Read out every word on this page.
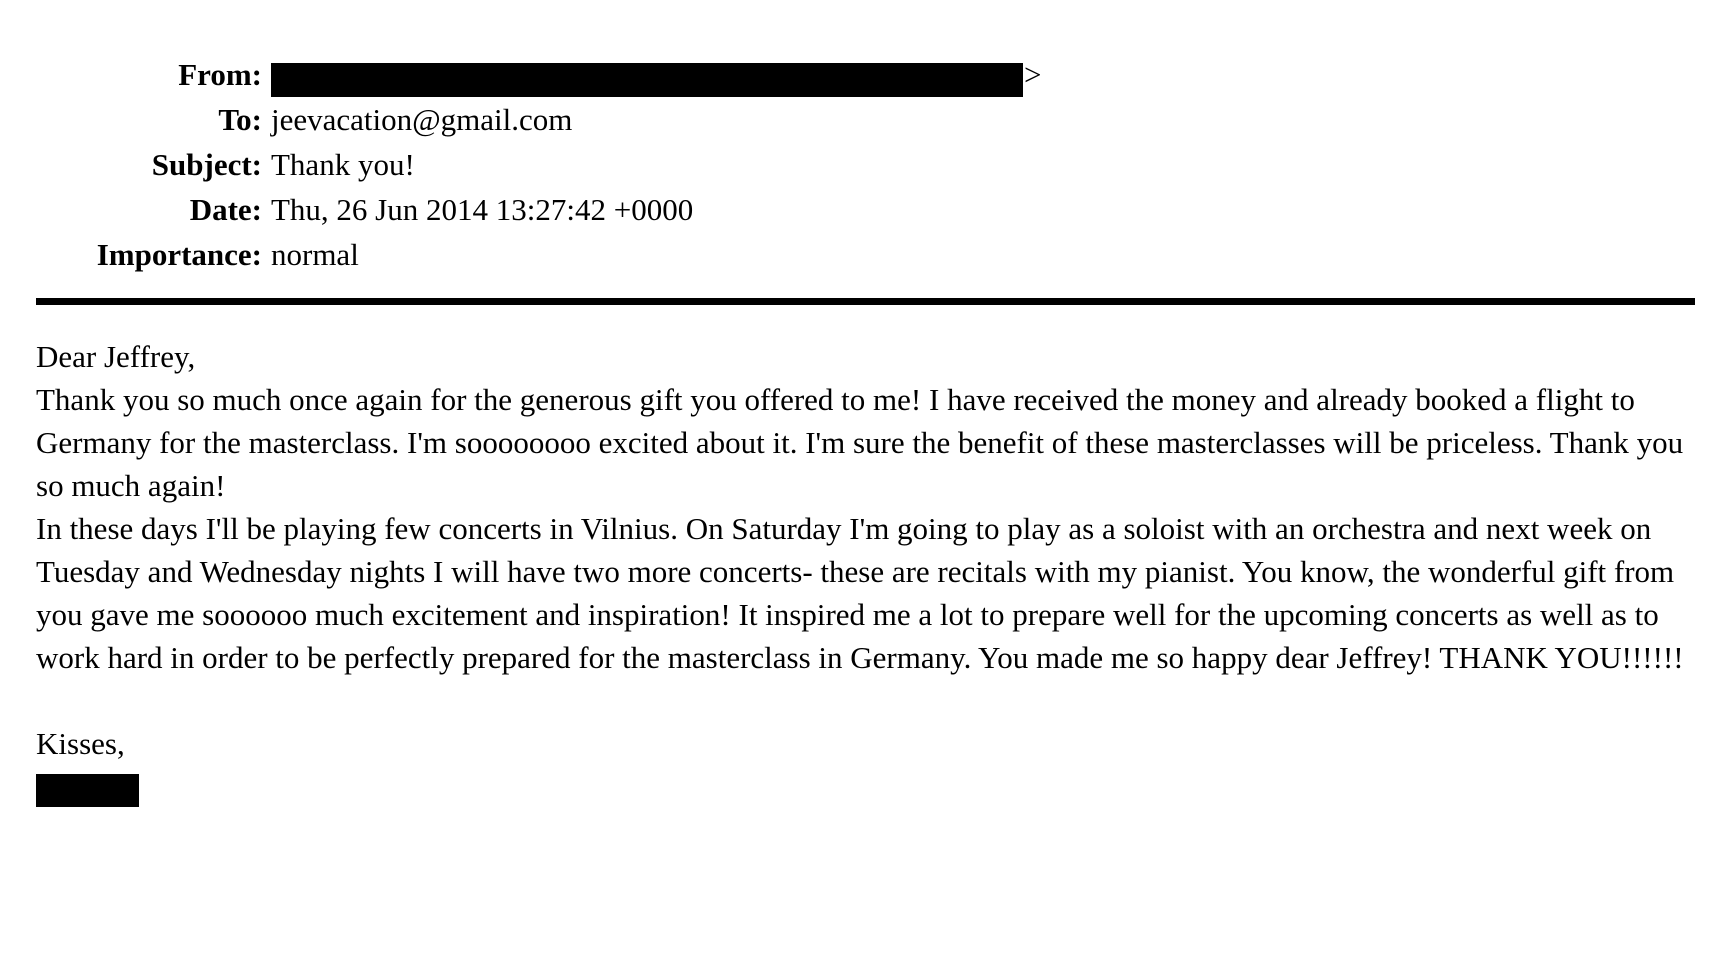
From:	>
To: jeevacation@gmail.com
Subject: Thank you!
Date: Thu, 26 Jun 2014 13:27:42 +0000
Importance: normal

Dear Jeffrey,

Thank you so much once again for the generous gift you offered to me! I have received the money and already booked a flight to Germany for the masterclass. I'm soooooooo excited about it. I'm sure the benefit of these masterclasses will be priceless. Thank you so much again!

In these days I'll be playing few concerts in Vilnius. On Saturday I'm going to play as a soloist with an orchestra and next week on Tuesday and Wednesday nights I will have two more concerts- these are recitals with my pianist. You know, the wonderful gift from you gave me soooooo much excitement and inspiration! It inspired me a lot to prepare well for the upcoming concerts as well as to work hard in order to be perfectly prepared for the masterclass in Germany. You made me so happy dear Jeffrey! THANK YOU!!!!!!

Kisses,
